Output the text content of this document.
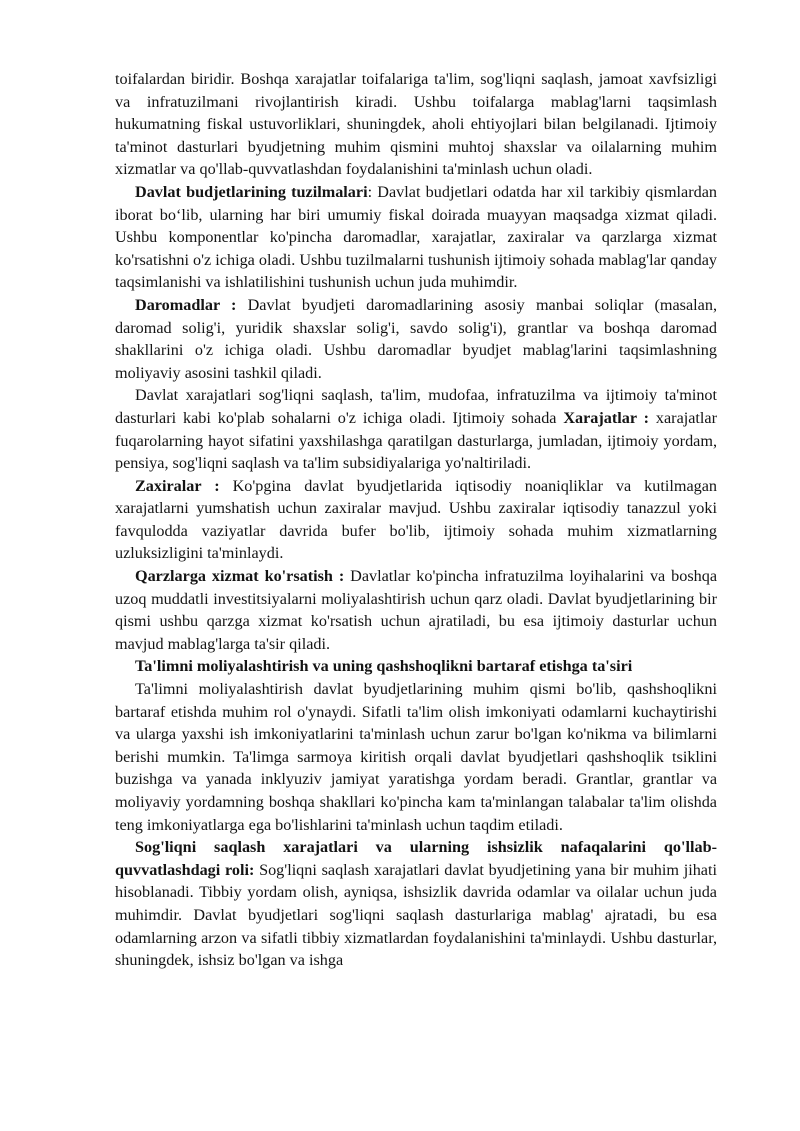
toifalardan biridir. Boshqa xarajatlar toifalariga ta'lim, sog'liqni saqlash, jamoat xavfsizligi va infratuzilmani rivojlantirish kiradi. Ushbu toifalarga mablag'larni taqsimlash hukumatning fiskal ustuvorliklari, shuningdek, aholi ehtiyojlari bilan belgilanadi. Ijtimoiy ta'minot dasturlari byudjetning muhim qismini muhtoj shaxslar va oilalarning muhim xizmatlar va qo'llab-quvvatlashdan foydalanishini ta'minlash uchun oladi.

Davlat budjetlarining tuzilmalari: Davlat budjetlari odatda har xil tarkibiy qismlardan iborat bo‘lib, ularning har biri umumiy fiskal doirada muayyan maqsadga xizmat qiladi. Ushbu komponentlar ko'pincha daromadlar, xarajatlar, zaxiralar va qarzlarga xizmat ko'rsatishni o'z ichiga oladi. Ushbu tuzilmalarni tushunish ijtimoiy sohada mablag'lar qanday taqsimlanishi va ishlatilishini tushunish uchun juda muhimdir.

Daromadlar : Davlat byudjeti daromadlarining asosiy manbai soliqlar (masalan, daromad solig'i, yuridik shaxslar solig'i, savdo solig'i), grantlar va boshqa daromad shakllarini o'z ichiga oladi. Ushbu daromadlar byudjet mablag'larini taqsimlashning moliyaviy asosini tashkil qiladi.

Davlat xarajatlari sog'liqni saqlash, ta'lim, mudofaa, infratuzilma va ijtimoiy ta'minot dasturlari kabi ko'plab sohalarni o'z ichiga oladi. Ijtimoiy sohada Xarajatlar : xarajatlar fuqarolarning hayot sifatini yaxshilashga qaratilgan dasturlarga, jumladan, ijtimoiy yordam, pensiya, sog'liqni saqlash va ta'lim subsidiyalariga yo'naltiriladi.

Zaxiralar : Ko'pgina davlat byudjetlarida iqtisodiy noaniqliklar va kutilmagan xarajatlarni yumshatish uchun zaxiralar mavjud. Ushbu zaxiralar iqtisodiy tanazzul yoki favqulodda vaziyatlar davrida bufer bo'lib, ijtimoiy sohada muhim xizmatlarning uzluksizligini ta'minlaydi.

Qarzlarga xizmat ko'rsatish : Davlatlar ko'pincha infratuzilma loyihalarini va boshqa uzoq muddatli investitsiyalarni moliyalashtirish uchun qarz oladi. Davlat byudjetlarining bir qismi ushbu qarzga xizmat ko'rsatish uchun ajratiladi, bu esa ijtimoiy dasturlar uchun mavjud mablag'larga ta'sir qiladi.

Ta'limni moliyalashtirish va uning qashshoqlikni bartaraf etishga ta'siri

Ta'limni moliyalashtirish davlat byudjetlarining muhim qismi bo'lib, qashshoqlikni bartaraf etishda muhim rol o'ynaydi. Sifatli ta'lim olish imkoniyati odamlarni kuchaytirishi va ularga yaxshi ish imkoniyatlarini ta'minlash uchun zarur bo'lgan ko'nikma va bilimlarni berishi mumkin. Ta'limga sarmoya kiritish orqali davlat byudjetlari qashshoqlik tsiklini buzishga va yanada inklyuziv jamiyat yaratishga yordam beradi. Grantlar, grantlar va moliyaviy yordamning boshqa shakllari ko'pincha kam ta'minlangan talabalar ta'lim olishda teng imkoniyatlarga ega bo'lishlarini ta'minlash uchun taqdim etiladi.

Sog'liqni saqlash xarajatlari va ularning ishsizlik nafaqalarini qo'llab-quvvatlashdagi roli: Sog'liqni saqlash xarajatlari davlat byudjetining yana bir muhim jihati hisoblanadi. Tibbiy yordam olish, ayniqsa, ishsizlik davrida odamlar va oilalar uchun juda muhimdir. Davlat byudjetlari sog'liqni saqlash dasturlariga mablag' ajratadi, bu esa odamlarning arzon va sifatli tibbiy xizmatlardan foydalanishini ta'minlaydi. Ushbu dasturlar, shuningdek, ishsiz bo'lgan va ishga
